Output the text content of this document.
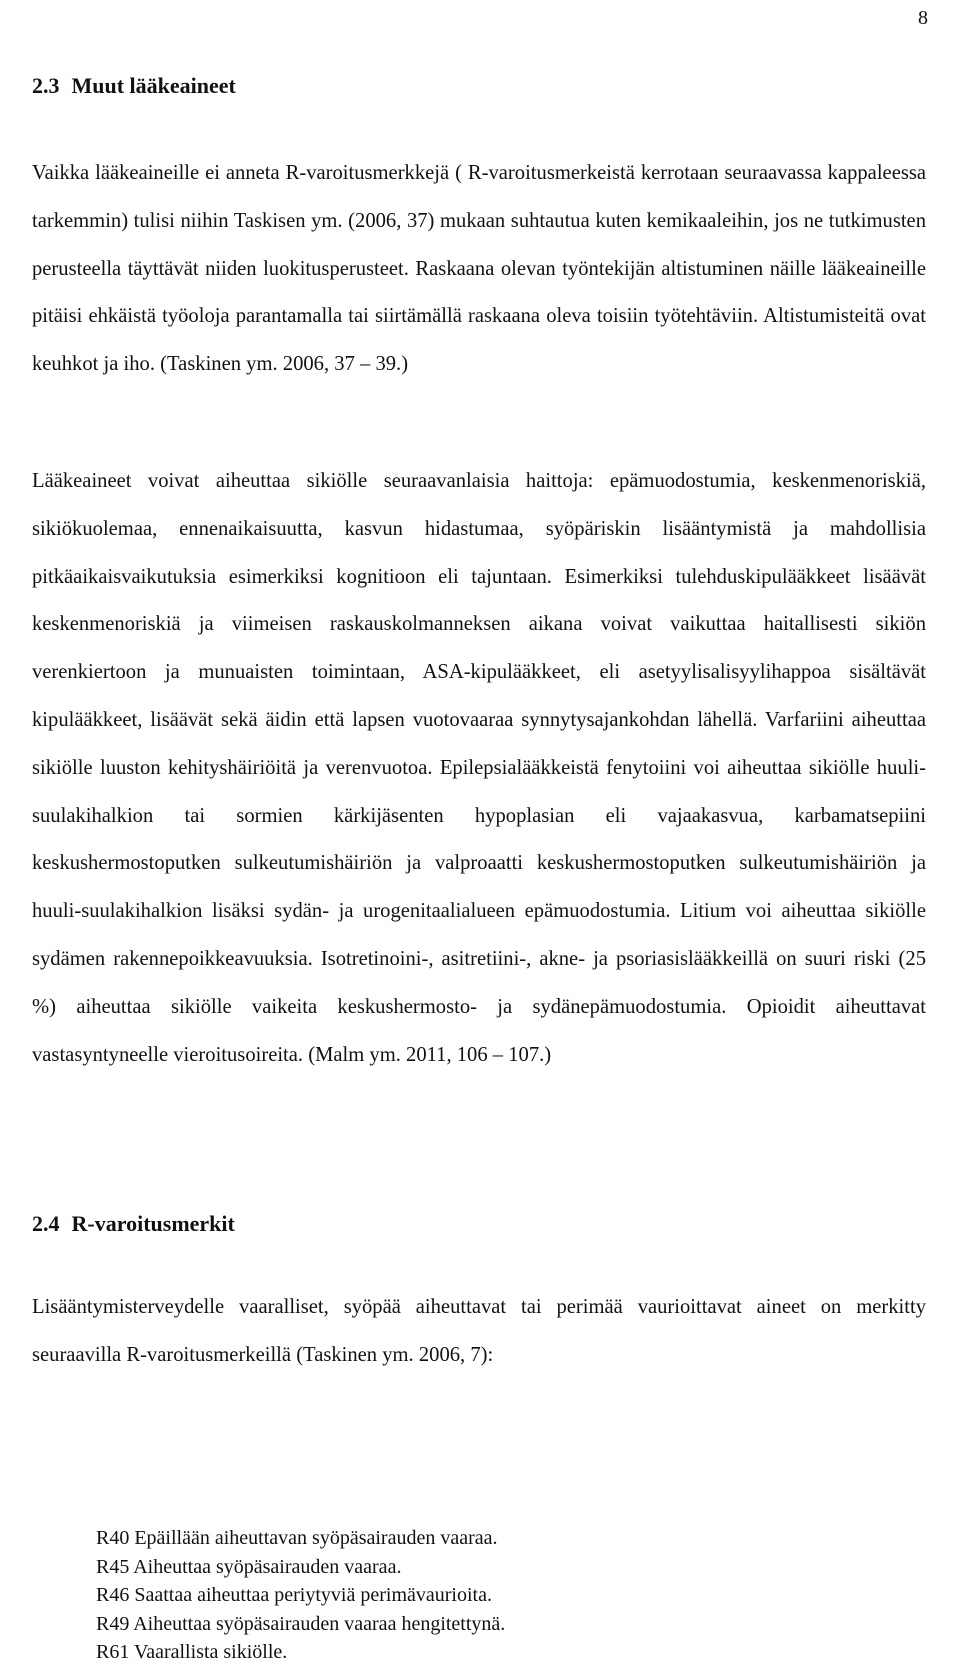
8
2.3 Muut lääkeaineet

Vaikka lääkeaineille ei anneta R-varoitusmerkkejä ( R-varoitusmerkeistä kerrotaan seuraavassa kappaleessa tarkemmin) tulisi niihin Taskisen ym. (2006, 37) mukaan suhtautua kuten kemikaaleihin, jos ne tutkimusten perusteella täyttävät niiden luokitusperusteet. Raskaana olevan työntekijän altistuminen näille lääkeaineille pitäisi ehkäistä työoloja parantamalla tai siirtämällä raskaana oleva toisiin työtehtäviin. Altistumisteitä ovat keuhkot ja iho. (Taskinen ym. 2006, 37 – 39.)

Lääkeaineet voivat aiheuttaa sikiölle seuraavanlaisia haittoja: epämuodostumia, keskenmenoriskiä, sikiökuolemaa, ennenaikaisuutta, kasvun hidastumaa, syöpäriskin lisääntymistä ja mahdollisia pitkäaikaisvaikutuksia esimerkiksi kognitioon eli tajuntaan. Esimerkiksi tulehduskipulääkkeet lisäävät keskenmenoriskiä ja viimeisen raskauskolmanneksen aikana voivat vaikuttaa haitallisesti sikiön verenkiertoon ja munuaisten toimintaan, ASA-kipulääkkeet, eli asetyylisalisyylihappoa sisältävät kipulääkkeet, lisäävät sekä äidin että lapsen vuotovaaraa synnytysajankohdan lähellä. Varfariini aiheuttaa sikiölle luuston kehityshäiriöitä ja verenvuotoa. Epilepsialääkkeistä fenytoiini voi aiheuttaa sikiölle huuli-suulakihalkion tai sormien kärkijäsenten hypoplasian eli vajaakasvua, karbamatsepiini keskushermostoputken sulkeutumishäiriön ja valproaatti keskushermostoputken sulkeutumishäiriön ja huuli-suulakihalkion lisäksi sydän- ja urogenitaalialueen epämuodostumia. Litium voi aiheuttaa sikiölle sydämen rakennepoikkeavuuksia. Isotretinoini-, asitretiini-, akne- ja psoriasislääkkeillä on suuri riski (25 %) aiheuttaa sikiölle vaikeita keskushermosto- ja sydänepämuodostumia. Opioidit aiheuttavat vastasyntyneelle vieroitusoireita. (Malm ym. 2011, 106 – 107.)

2.4 R-varoitusmerkit

Lisääntymisterveydelle vaaralliset, syöpää aiheuttavat tai perimää vaurioittavat aineet on merkitty seuraavilla R-varoitusmerkeillä (Taskinen ym. 2006, 7):

R40 Epäillään aiheuttavan syöpäsairauden vaaraa.
R45 Aiheuttaa syöpäsairauden vaaraa.
R46 Saattaa aiheuttaa periytyviä perimävaurioita.
R49 Aiheuttaa syöpäsairauden vaaraa hengitettynä.
R61 Vaarallista sikiölle.
